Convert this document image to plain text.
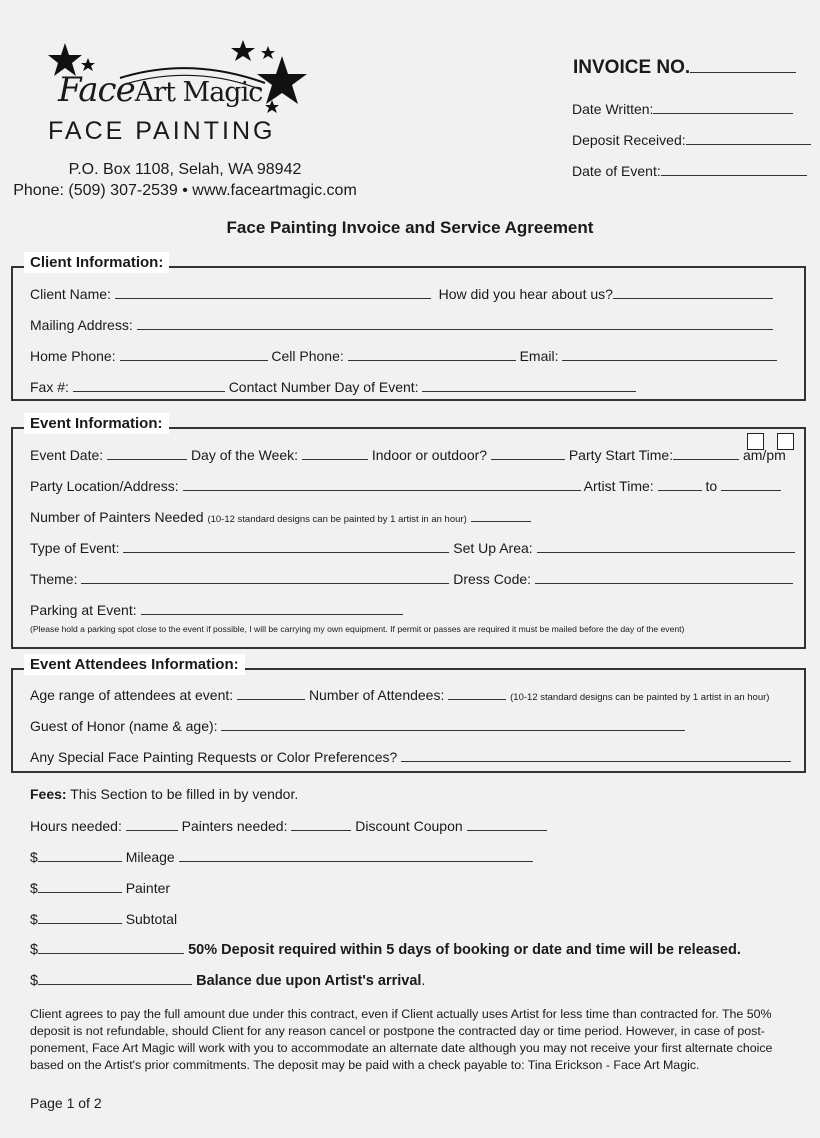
FaceArt Magic
FACE PAINTING
P.O. Box 1108, Selah, WA 98942
Phone: (509) 307-2539 • www.faceartmagic.com
INVOICE NO.
Date Written:
Deposit Received:
Date of Event:
Face Painting Invoice and Service Agreement
Client Information:
Client Name:	How did you hear about us?
Mailing Address:
Home Phone:	Cell Phone:	Email:
Fax #:	Contact Number Day of Event:
Event Information:
Event Date:	Day of the Week:	Indoor or outdoor?	Party Start Time:	am/pm
Party Location/Address:	Artist Time:	to
Number of Painters Needed (10-12 standard designs can be painted by 1 artist in an hour)
Type of Event:	Set Up Area:
Theme:	Dress Code:
Parking at Event:
(Please hold a parking spot close to the event if possible, I will be carrying my own equipment. If permit or passes are required it must be mailed before the day of the event)
Event Attendees Information:
Age range of attendees at event:	Number of Attendees:	(10-12 standard designs can be painted by 1 artist in an hour)
Guest of Honor (name & age):
Any Special Face Painting Requests or Color Preferences?
Fees: This Section to be filled in by vendor.
Hours needed:	Painters needed:	Discount Coupon
$	Mileage
$	Painter
$	Subtotal
$	50% Deposit required within 5 days of booking or date and time will be released.
$	Balance due upon Artist's arrival.
Client agrees to pay the full amount due under this contract, even if Client actually uses Artist for less time than contracted for. The 50% deposit is not refundable, should Client for any reason cancel or postpone the contracted day or time period. However, in case of post-ponement, Face Art Magic will work with you to accommodate an alternate date although you may not receive your first alternate choice based on the Artist's prior commitments. The deposit may be paid with a check payable to: Tina Erickson - Face Art Magic.
Page 1 of 2
